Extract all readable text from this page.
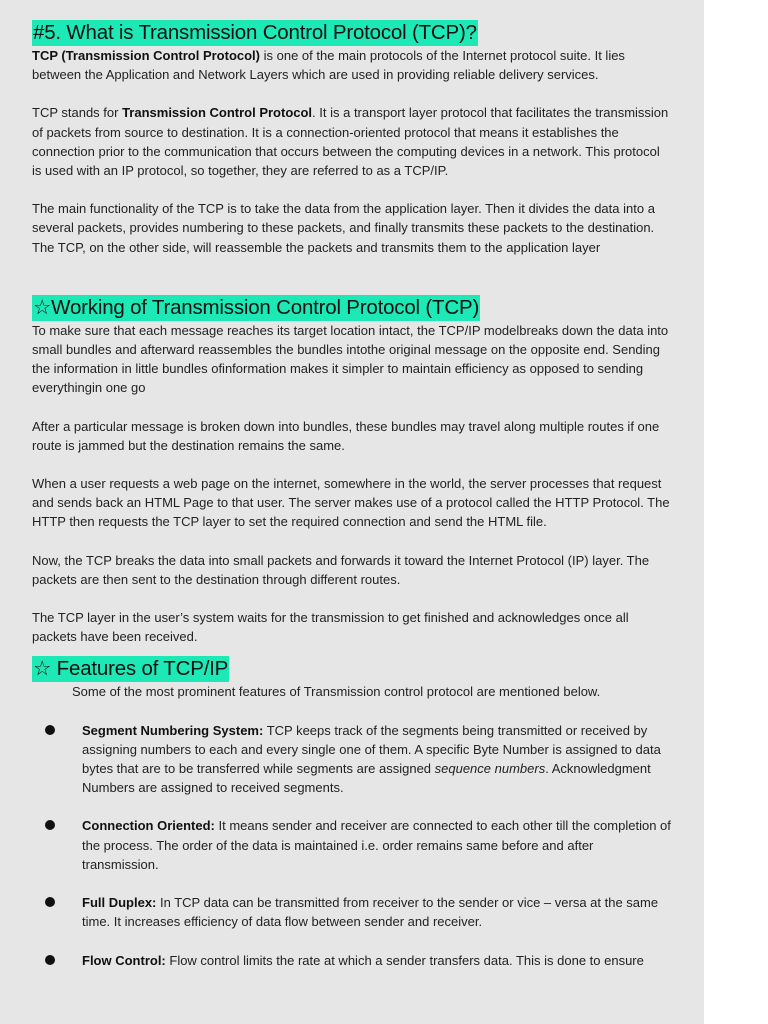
#5. What is Transmission Control Protocol (TCP)?

TCP (Transmission Control Protocol) is one of the main protocols of the Internet protocol suite. It lies between the Application and Network Layers which are used in providing reliable delivery services.

TCP stands for Transmission Control Protocol. It is a transport layer protocol that facilitates the transmission of packets from source to destination. It is a connection-oriented protocol that means it establishes the connection prior to the communication that occurs between the computing devices in a network. This protocol is used with an IP protocol, so together, they are referred to as a TCP/IP.

The main functionality of the TCP is to take the data from the application layer. Then it divides the data into a several packets, provides numbering to these packets, and finally transmits these packets to the destination. The TCP, on the other side, will reassemble the packets and transmits them to the application layer

☆Working of Transmission Control Protocol (TCP)

To make sure that each message reaches its target location intact, the TCP/IP modelbreaks down the data into small bundles and afterward reassembles the bundles intothe original message on the opposite end. Sending the information in little bundles ofinformation makes it simpler to maintain efficiency as opposed to sending everythingin one go

After a particular message is broken down into bundles, these bundles may travel along multiple routes if one route is jammed but the destination remains the same.

When a user requests a web page on the internet, somewhere in the world, the server processes that request and sends back an HTML Page to that user. The server makes use of a protocol called the HTTP Protocol. The HTTP then requests the TCP layer to set the required connection and send the HTML file.

Now, the TCP breaks the data into small packets and forwards it toward the Internet Protocol (IP) layer. The packets are then sent to the destination through different routes.

The TCP layer in the user’s system waits for the transmission to get finished and acknowledges once all packets have been received.

☆ Features of TCP/IP

Some of the most prominent features of Transmission control protocol are mentioned below.

Segment Numbering System: TCP keeps track of the segments being transmitted or received by assigning numbers to each and every single one of them. A specific Byte Number is assigned to data bytes that are to be transferred while segments are assigned sequence numbers. Acknowledgment Numbers are assigned to received segments.
Connection Oriented: It means sender and receiver are connected to each other till the completion of the process. The order of the data is maintained i.e. order remains same before and after transmission.
Full Duplex: In TCP data can be transmitted from receiver to the sender or vice – versa at the same time. It increases efficiency of data flow between sender and receiver.
Flow Control: Flow control limits the rate at which a sender transfers data. This is done to ensure
